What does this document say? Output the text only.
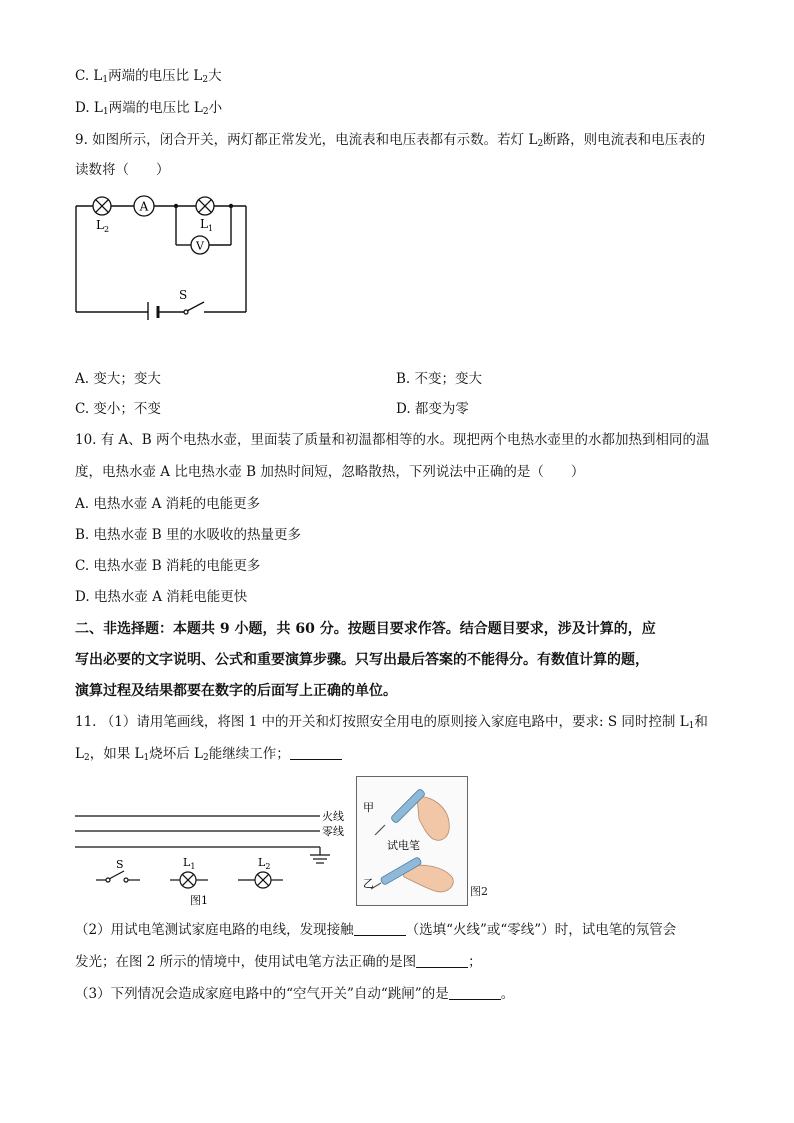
C. $L_1$两端的电压比 $L_2$大
D. $L_1$两端的电压比 $L_2$小
9. 如图所示，闭合开关，两灯都正常发光，电流表和电压表都有示数。若灯 $L_2$断路，则电流表和电压表的
读数将（　　）
$L_2$
A
$L_1$
V
S
A. 变大；变大	B. 不变；变大
C. 变小；不变	D. 都变为零
10. 有 A、B 两个电热水壶，里面装了质量和初温都相等的水。现把两个电热水壶里的水都加热到相同的温
度，电热水壶 A 比电热水壶 B 加热时间短，忽略散热，下列说法中正确的是（　　）
A. 电热水壶 A 消耗的电能更多
B. 电热水壶 B 里的水吸收的热量更多
C. 电热水壶 B 消耗的电能更多
D. 电热水壶 A 消耗电能更快
二、非选择题：本题共 9 小题，共 60 分。按题目要求作答。结合题目要求，涉及计算的，应
写出必要的文字说明、公式和重要演算步骤。只写出最后答案的不能得分。有数值计算的题，
演算过程及结果都要在数字的后面写上正确的单位。
11. （1）请用笔画线，将图 1 中的开关和灯按照安全用电的原则接入家庭电路中，要求: S 同时控制 $L_1$和
$L_2$，如果 $L_1$烧坏后 $L_2$能继续工作；
火线
零线
S	$L_1$	$L_2$
图1
甲
乙
试电笔
图2
（2）用试电笔测试家庭电路的电线，发现接触	（选填“火线”或“零线”）时，试电笔的氖管会
发光；在图 2 所示的情境中，使用试电笔方法正确的是图	；
（3）下列情况会造成家庭电路中的“空气开关”自动“跳闸”的是	。
